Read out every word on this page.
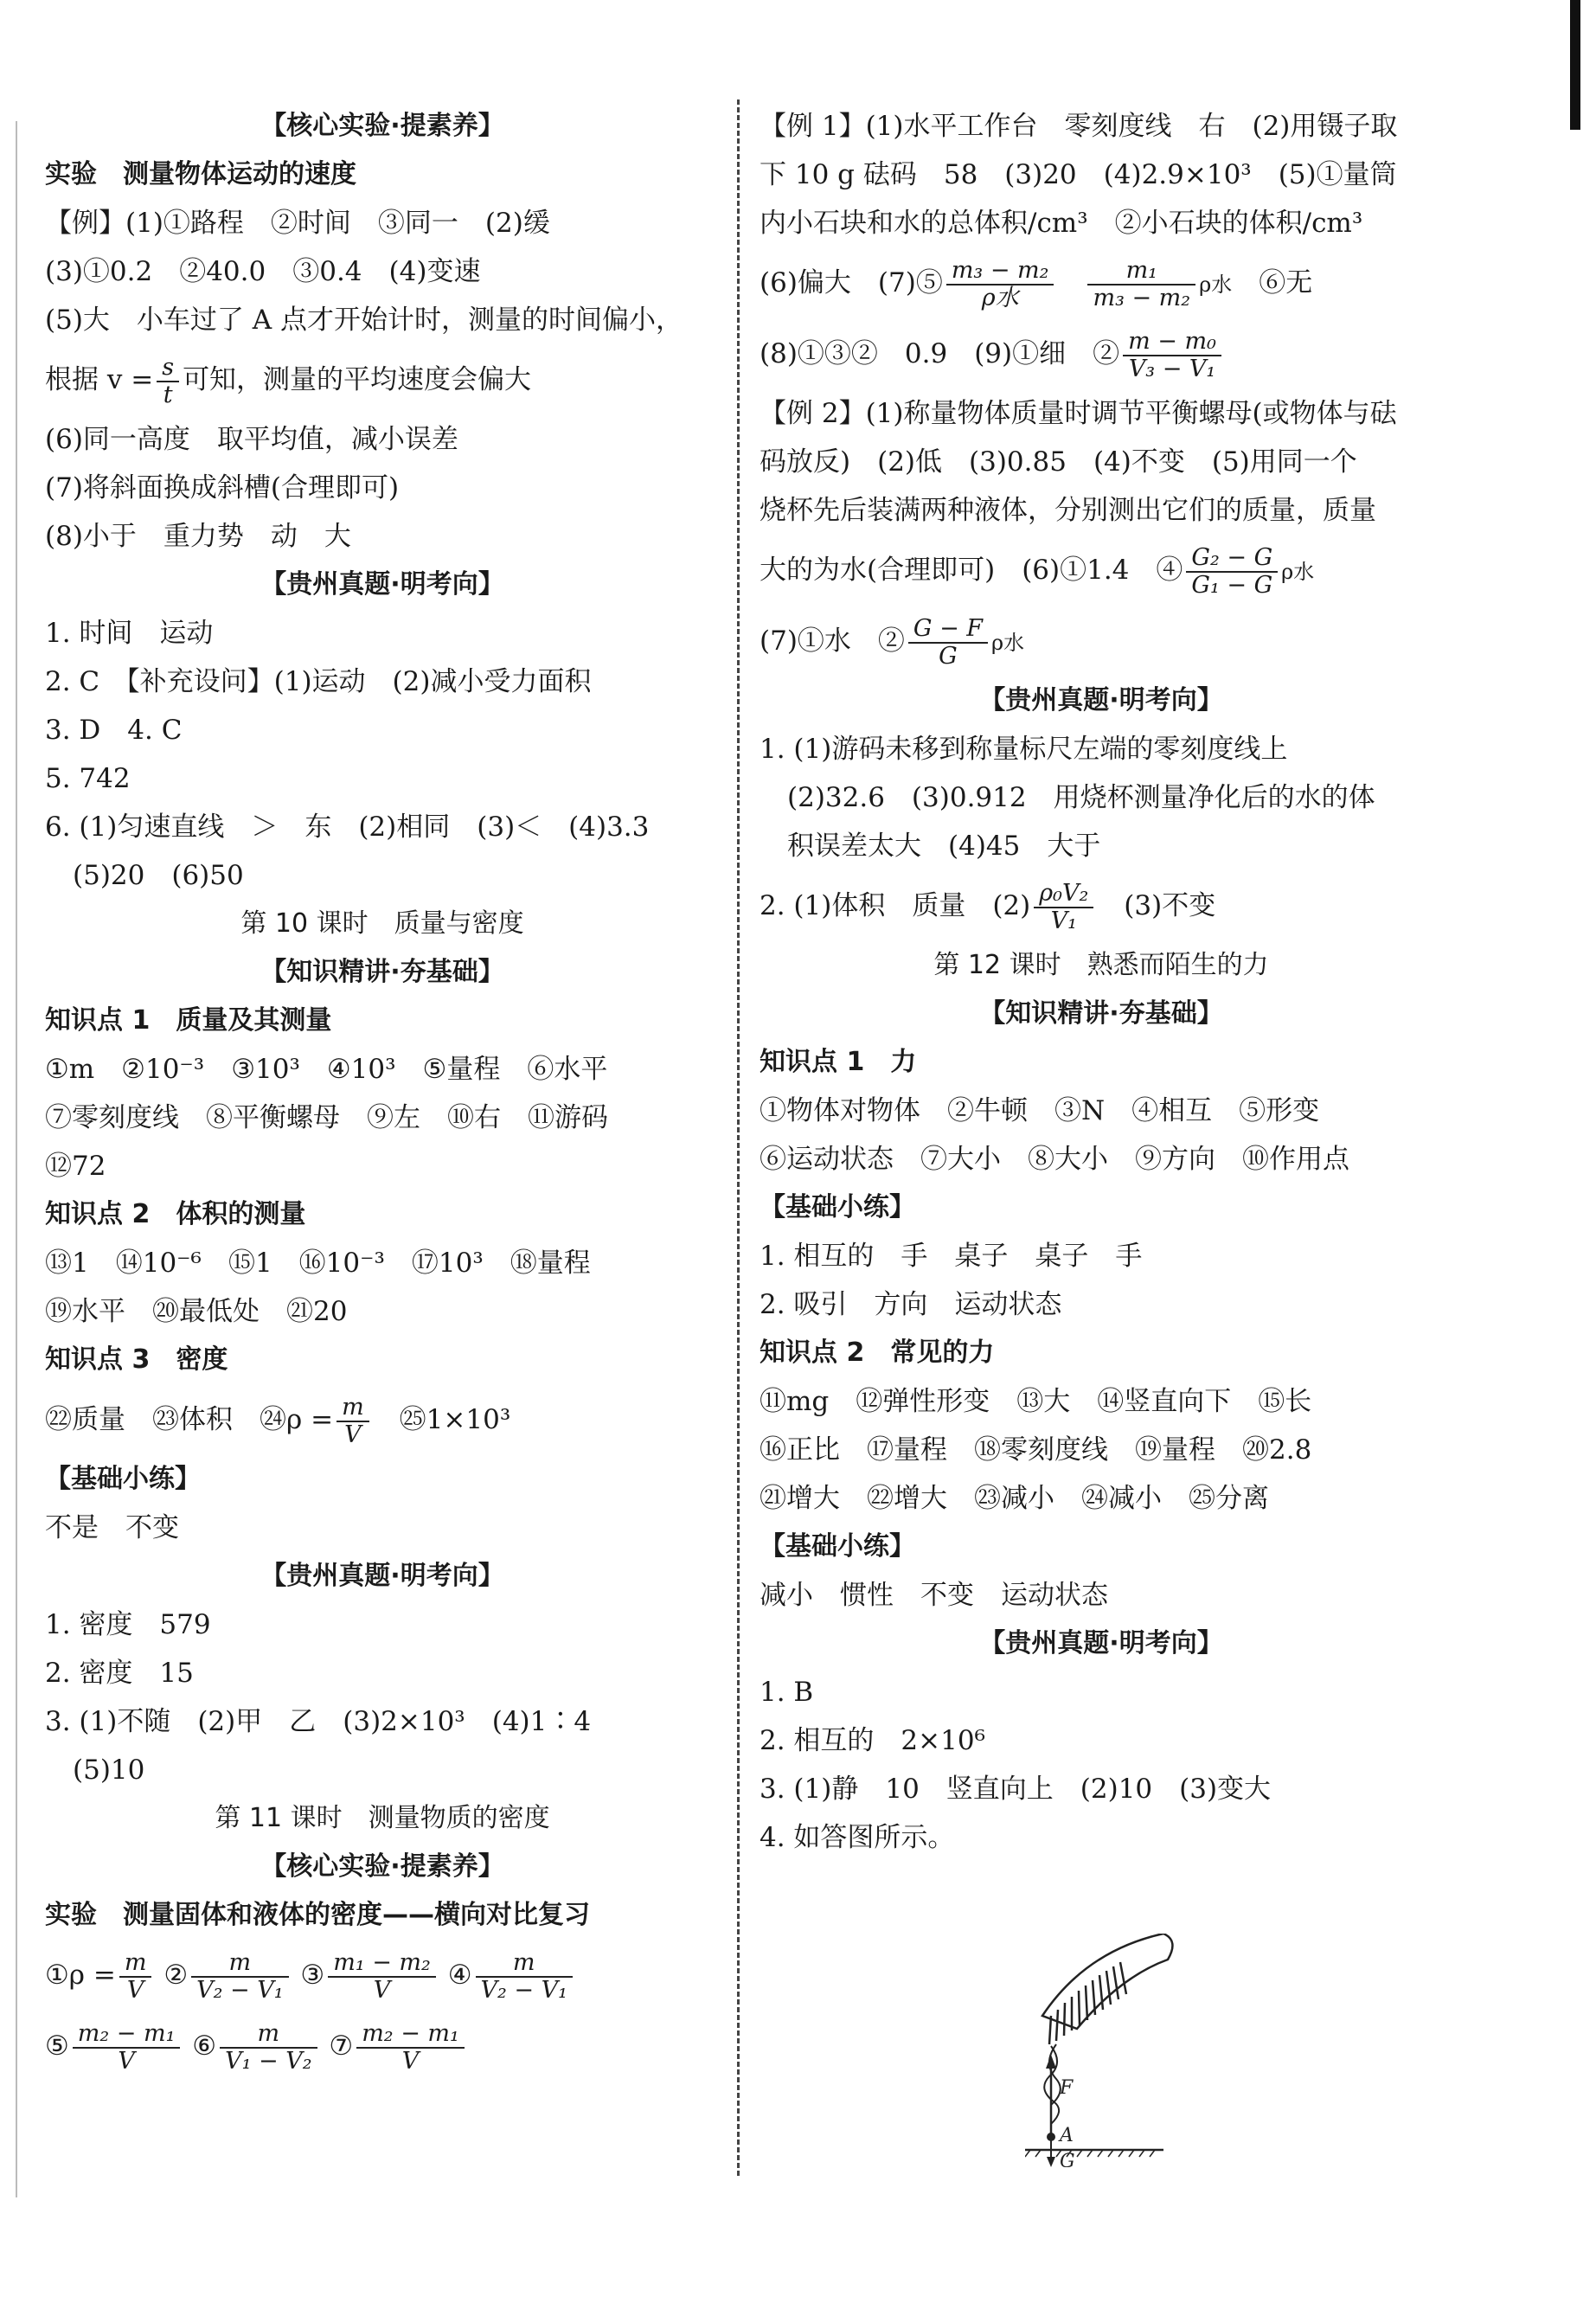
【核心实验·提素养】
实验　测量物体运动的速度
【例】(1)①路程　②时间　③同一　(2)缓
(3)①0.2　②40.0　③0.4　(4)变速
(5)大　小车过了 A 点才开始计时，测量的时间偏小，
根据 $v = \frac{s}{t}$ 可知，测量的平均速度会偏大
(6)同一高度　取平均值，减小误差
(7)将斜面换成斜槽(合理即可)
(8)小于　重力势　动　大
【贵州真题·明考向】
1. 时间　运动
2. C　【补充设问】(1)运动　(2)减小受力面积
3. D　4. C
5. 742
6. (1)匀速直线　＞　东　(2)相同　(3)＜　(4)3.3
(5)20　(6)50
第 10 课时　质量与密度
【知识精讲·夯基础】
知识点 1　质量及其测量
①m　②10⁻³　③10³　④10³　⑤量程　⑥水平
⑦零刻度线　⑧平衡螺母　⑨左　⑩右　⑪游码
⑫72
知识点 2　体积的测量
⑬1　⑭10⁻⁶　⑮1　⑯10⁻³　⑰10³　⑱量程
⑲水平　⑳最低处　㉑20
知识点 3　密度
㉒质量　㉓体积　㉔ρ = $\frac{m}{V}$
　 ㉕1×10³
【基础小练】
不是　不变
【贵州真题·明考向】
1. 密度　579
2. 密度　15
3. (1)不随　(2)甲　乙　(3)2×10³　(4)1∶4
(5)10
第 11 课时　测量物质的密度
【核心实验·提素养】
实验　测量固体和液体的密度——横向对比复习
①ρ = $\frac{m}{V}$ ② $\frac{m}{\text{V₂ − V₁}}$ ③ $\frac{\text{m₁ − m₂}}{V}$ ④ $\frac{m}{\text{V₂ − V₁}}$
⑤ $\frac{\text{m₂ − m₁}}{V}$ ⑥ $\frac{m}{\text{V₁ − V₂}}$ ⑦ $\frac{\text{m₂ − m₁}}{V}$
【例 1】(1)水平工作台　零刻度线　右　(2)用镊子取
下 10 g 砝码　58　(3)20　(4)2.9×10³　(5)①量筒
内小石块和水的总体积/cm³　②小石块的体积/cm³
(6)偏大　(7)⑤ m₃ − m₂
ρ水
　	$\frac{\text{m₁}}{\text{m₃ − m₂}}$ ρ水　 ⑥无
(8)①③②　0.9　(9)①细　② $\frac{\text{m − m₀}}{\text{V₃ − V₁}}$
【例 2】(1)称量物体质量时调节平衡螺母(或物体与砝
码放反)　(2)低　(3)0.85　(4)不变　(5)用同一个
烧杯先后装满两种液体，分别测出它们的质量，质量
大的为水(合理即可)　(6)①1.4　④ $\frac{\text{G₂ − G}}{\text{G₁ − G}}$ ρ水
(7)①水　② $\frac{G - F}{G}$ ρ水
【贵州真题·明考向】
1. (1)游码未移到称量标尺左端的零刻度线上
(2)32.6　(3)0.912　用烧杯测量净化后的水的体
积误差太大　(4)45　大于
2. (1)体积　质量　$(2) \frac{\text{ρ₀V₂}}{\text{V₁}}$
　 (3)不变
第 12 课时　熟悉而陌生的力
【知识精讲·夯基础】
知识点 1　力
①物体对物体　②牛顿　③N　④相互　⑤形变
⑥运动状态　⑦大小　⑧大小　⑨方向　⑩作用点
【基础小练】
1. 相互的　手　桌子　桌子　手
2. 吸引　方向　运动状态
知识点 2　常见的力
⑪mg　⑫弹性形变　⑬大　⑭竖直向下　⑮长
⑯正比　⑰量程　⑱零刻度线　⑲量程　⑳2.8
㉑增大　㉒增大　㉓减小　㉔减小　㉕分离
【基础小练】
减小　惯性　不变　运动状态
【贵州真题·明考向】
1. B
2. 相互的　2×10⁶
3. (1)静　10　竖直向上　(2)10　(3)变大
4. 如答图所示。
F
A
G
